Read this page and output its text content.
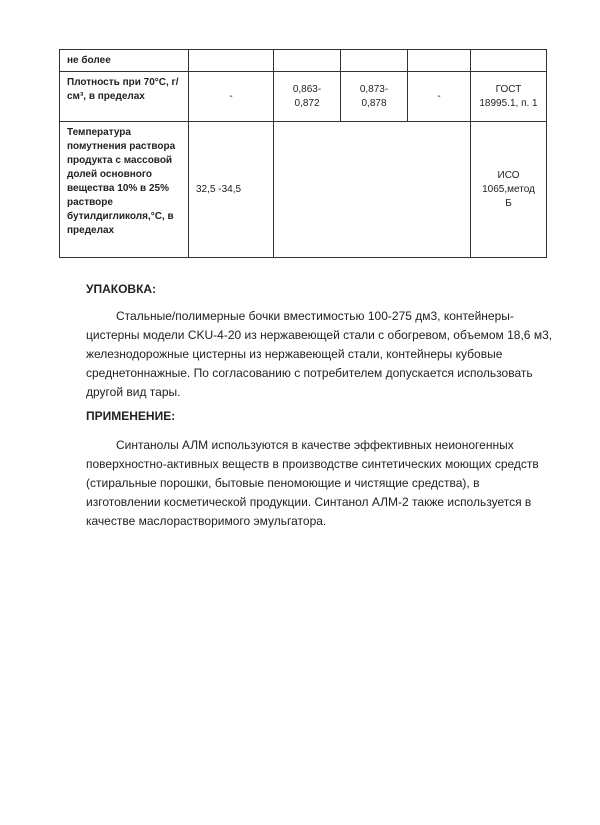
не более					
Плотность при 70°С, г/см³, в пределах	-	0,863-0,872	0,873-0,878	-	ГОСТ 18995.1, п. 1
Температура помутнения раствора продукта с массовой долей основного вещества 10% в 25% растворе бутилдигликоля,°С, в пределах	32,5 -34,5				ИСО 1065,метод Б
УПАКОВКА:

Стальные/полимерные бочки вместимостью 100-275 дм3, контейнеры-цистерны модели CKU-4-20 из нержавеющей стали с обогревом, объемом 18,6 м3, железнодорожные цистерны из нержавеющей стали, контейнеры кубовые среднетоннажные. По согласованию с потребителем допускается использовать другой вид тары.

ПРИМЕНЕНИЕ:

Синтанолы АЛМ используются в качестве эффективных неионогенных поверхностно-активных веществ в производстве синтетических моющих средств (стиральные порошки, бытовые пеномоющие и чистящие средства), в изготовлении косметической продукции. Синтанол АЛМ-2 также используется в качестве маслорастворимого эмульгатора.
